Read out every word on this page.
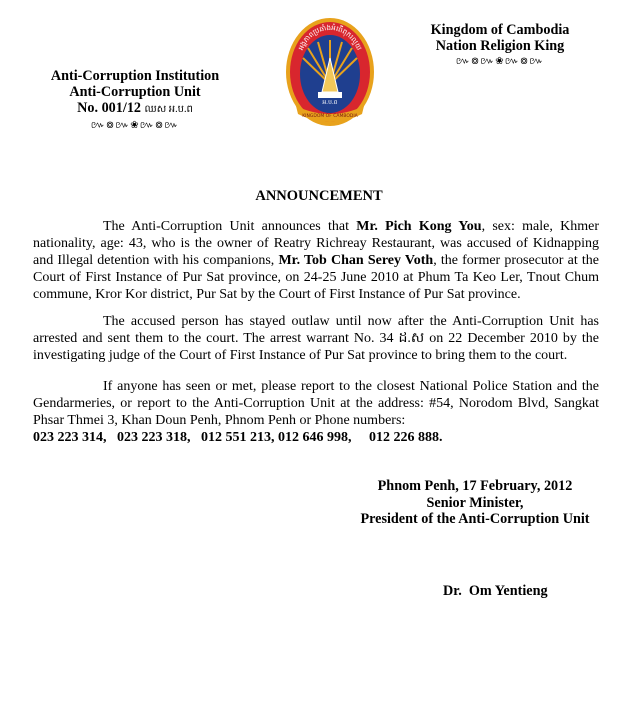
Anti-Corruption Institution
Anti-Corruption Unit
No. 001/12 ឈស អ.ប.ព
៚៙៚❀៚៙៚
អង្គភាពប្រឆាំងអំពើពុករលួយ
KINGDOM OF CAMBODIA
អ.ប.ព
Kingdom of Cambodia
Nation Religion King
៚៙៚❀៚៙៚
ANNOUNCEMENT
The Anti-Corruption Unit announces that Mr. Pich Kong You, sex: male, Khmer nationality, age: 43, who is the owner of Reatry Richreay Restaurant, was accused of Kidnapping and Illegal detention with his companions, Mr. Tob Chan Serey Voth, the former prosecutor at the Court of First Instance of Pur Sat province, on 24-25 June 2010 at Phum Ta Keo Ler, Tnout Chum commune, Kror Kor district, Pur Sat by the Court of First Instance of Pur Sat province.
The accused person has stayed outlaw until now after the Anti-Corruption Unit has arrested and sent them to the court. The arrest warrant No. 34 ដ.ស on 22 December 2010 by the investigating judge of the Court of First Instance of Pur Sat province to bring them to the court.
If anyone has seen or met, please report to the closest National Police Station and the Gendarmeries, or report to the Anti-Corruption Unit at the address: #54, Norodom Blvd, Sangkat Phsar Thmei 3, Khan Doun Penh, Phnom Penh or Phone numbers:
023 223 314,   023 223 318,   012 551 213, 012 646 998,     012 226 888.
Phnom Penh, 17 February, 2012
Senior Minister,
President of the Anti-Corruption Unit
Dr.  Om Yentieng
